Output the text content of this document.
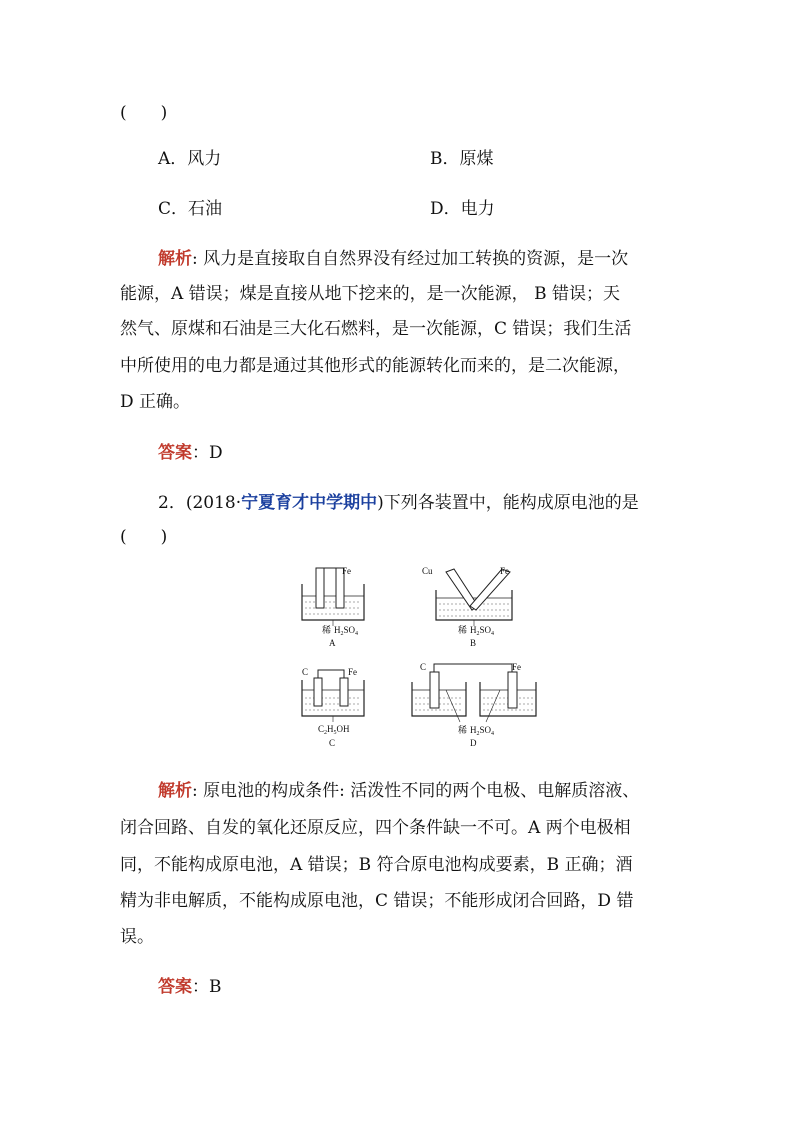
(　　)
A．风力	B．原煤
C．石油	D．电力
解析: 风力是直接取自自然界没有经过加工转换的资源，是一次
能源，A 错误；煤是直接从地下挖来的，是一次能源， B 错误；天
然气、原煤和石油是三大化石燃料，是一次能源，C 错误；我们生活
中所使用的电力都是通过其他形式的能源转化而来的，是二次能源，
D 正确。
答案：D
2．(2018·宁夏育才中学期中)下列各装置中，能构成原电池的是
(　　)
Fe
稀 $H_2SO_4$
A
Cu	Fe
稀 $H_2SO_4$
B
C	Fe
$C_2H_5OH$
C
C	Fe
稀 $H_2SO_4$
D
解析: 原电池的构成条件: 活泼性不同的两个电极、电解质溶液、
闭合回路、自发的氧化还原反应，四个条件缺一不可。A 两个电极相
同，不能构成原电池，A 错误；B 符合原电池构成要素，B 正确；酒
精为非电解质，不能构成原电池，C 错误；不能形成闭合回路，D 错
误。
答案：B
